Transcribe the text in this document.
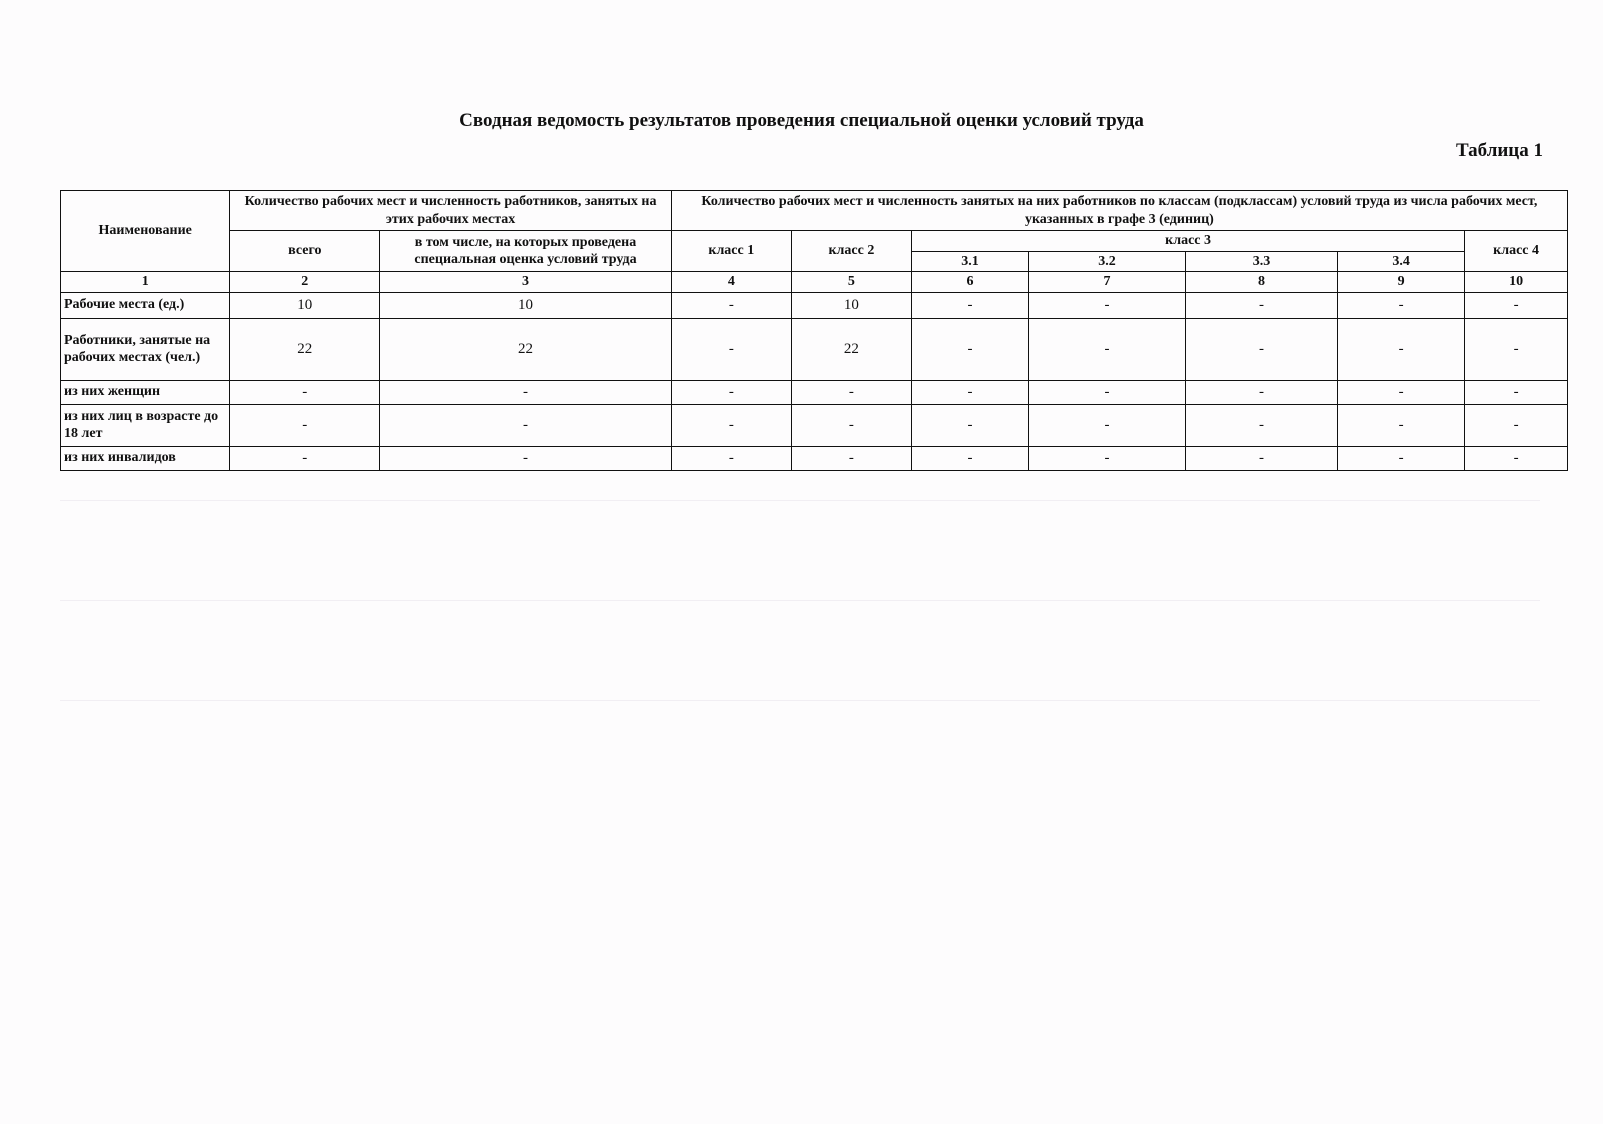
Сводная ведомость результатов проведения специальной оценки условий труда
Таблица 1
Наименование	Количество рабочих мест и численность работников, занятых на этих рабочих местах		Количество рабочих мест и численность занятых на них работников по классам (подклассам) условий труда из числа рабочих мест, указанных в графе 3 (единиц)						
	всего	в том числе, на которых проведена специальная оценка условий труда	класс 1	класс 2	класс 3				класс 4
					3.1	3.2	3.3	3.4	
1	2	3	4	5	6	7	8	9	10
Рабочие места (ед.)	10	10	-	10	-	-	-	-	-
Работники, занятые на рабочих местах (чел.)	22	22	-	22	-	-	-	-	-
из них женщин	-	-	-	-	-	-	-	-	-
из них лиц в возрасте до 18 лет	-	-	-	-	-	-	-	-	-
из них инвалидов	-	-	-	-	-	-	-	-	-
